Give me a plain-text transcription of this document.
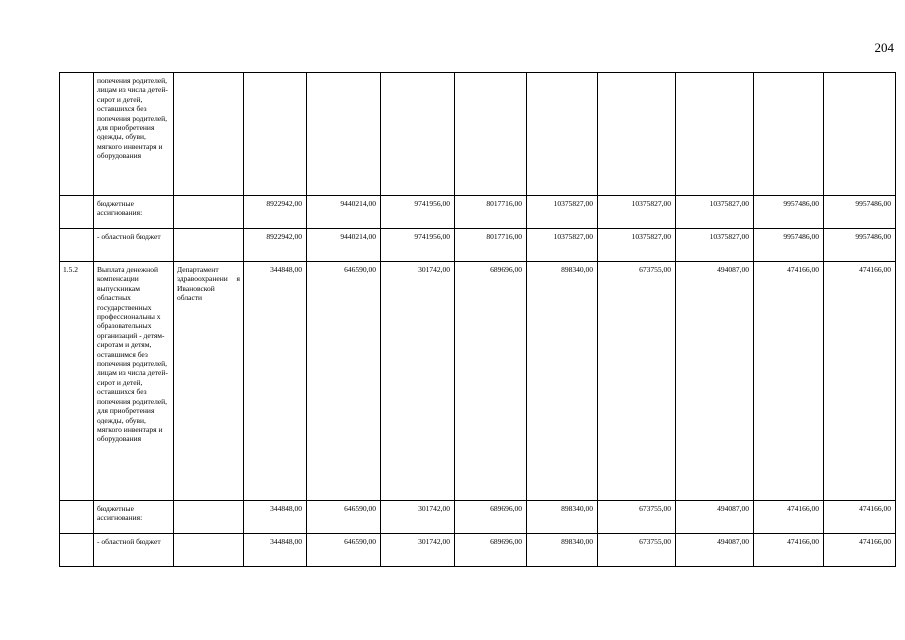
204
	попечения родителей, лицам из числа детей-сирот и детей, оставшихся без попечения родителей, для приобретения одежды, обуви, мягкого инвентаря и оборудования										
	бюджетные ассигнования:		8922942,00	9440214,00	9741956,00	8017716,00	10375827,00	10375827,00	10375827,00	9957486,00	9957486,00
	- областной бюджет		8922942,00	9440214,00	9741956,00	8017716,00	10375827,00	10375827,00	10375827,00	9957486,00	9957486,00
1.5.2	Выплата денежной компенсации выпускникам областных государственных профессиональны х образовательных организаций - детям-сиротам и детям, оставшимся без попечения родителей, лицам из числа детей-сирот и детей, оставшихся без попечения родителей, для приобретения одежды, обуви, мягкого инвентаря и оборудования	Департамент здравоохранени я Ивановской области	344848,00	646590,00	301742,00	689696,00	898340,00	673755,00	494087,00	474166,00	474166,00
	бюджетные ассигнования:		344848,00	646590,00	301742,00	689696,00	898340,00	673755,00	494087,00	474166,00	474166,00
	- областной бюджет		344848,00	646590,00	301742,00	689696,00	898340,00	673755,00	494087,00	474166,00	474166,00
